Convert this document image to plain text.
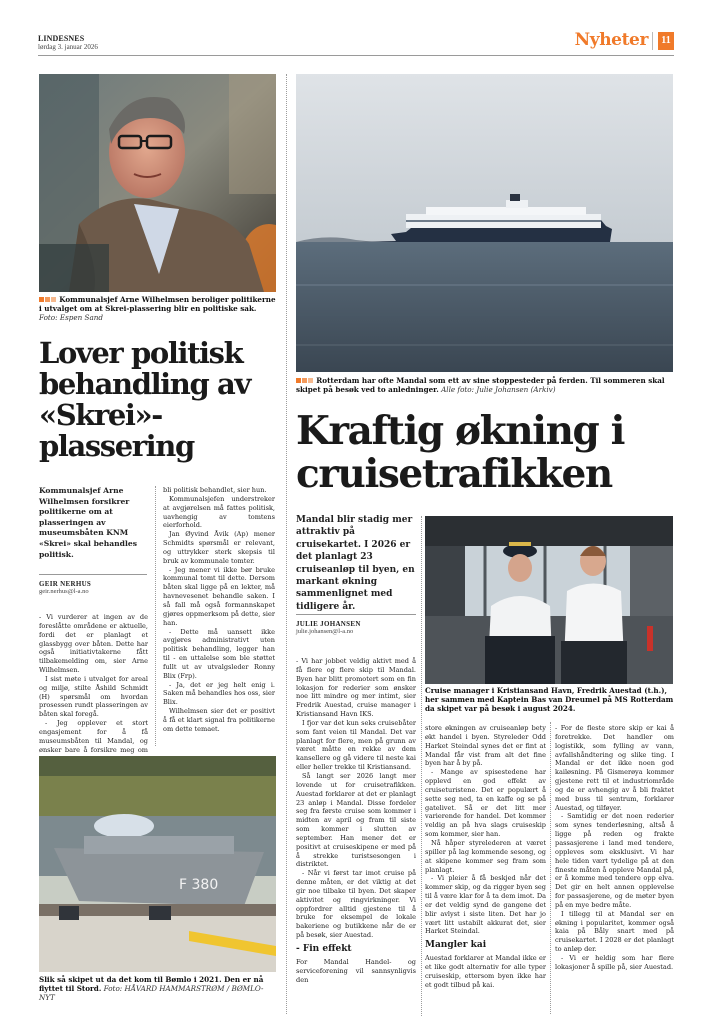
LINDESNES
lørdag 3. januar 2026	Nyheter	11
Kommunalsjef Arne Wilhelmsen beroliger politikerne i utvalget om at Skrei-plassering blir en politiske sak. Foto: Espen Sand
Lover politisk behandling av «Skrei»-plassering
Kommunalsjef Arne Wilhelmsen forsikrer politikerne om at plasseringen av museumsbåten KNM «Skrei» skal behandles politisk.
GEIR NERHUS
geir.nerhus@l-a.no

- Vi vurderer at ingen av de foreslåtte områdene er aktuelle, fordi det er planlagt et glassbygg over båten. Dette har også initiativtakerne fått tilbakemelding om, sier Arne Wilhelmsen.

I sist møte i utvalget for areal og miljø, stilte Åshild Schmidt (H) spørsmål om hvordan prosessen rundt plasseringen av båten skal foregå.

- Jeg opplever et stort engasjement for å få museumsbåten til Mandal, og ønsker bare å forsikre meg om

bli politisk behandlet, sier hun.

Kommunalsjefen understreker at avgjørelsen må fattes politisk, uavhengig av tomtens eierforhold.

Jan Øyvind Åvik (Ap) mener Schmidts spørsmål er relevant, og uttrykker sterk skepsis til bruk av kommunale tomter.

- Jeg mener vi ikke bør bruke kommunal tomt til dette. Dersom båten skal ligge på en lekter, må havnevesenet behandle saken. I så fall må også formannskapet gjøres oppmerksom på dette, sier han.

- Dette må uansett ikke avgjøres administrativt uten politisk behandling, legger han til - en uttalelse som ble støttet fullt ut av utvalgsleder Ronny Blix (Frp).

- Ja, det er jeg helt enig i. Saken må behandles hos oss, sier Blix.

Wilhelmsen sier det er positivt å få et klart signal fra politikerne om dette temaet.

F 380
Slik så skipet ut da det kom til Bømlo i 2021. Den er nå flyttet til Stord. Foto: HÅVARD HAMMARSTRØM / BØMLO-NYT
Rotterdam har ofte Mandal som ett av sine stoppesteder på ferden. Til sommeren skal skipet på besøk ved to anledninger. Alle foto: Julie Johansen (Arkiv)
Kraftig økning i cruisetrafikken
Mandal blir stadig mer attraktiv på cruisekartet. I 2026 er det planlagt 23 cruiseanløp til byen, en markant økning sammenlignet med tidligere år.
JULIE JOHANSEN
julie.johansen@l-a.no
Cruise manager i Kristiansand Havn, Fredrik Auestad (t.h.), her sammen med Kaptein Bas van Dreumel på MS Rotterdam da skipet var på besøk i august 2024.

- Vi har jobbet veldig aktivt med å få flere og flere skip til Mandal. Byen har blitt promotert som en fin lokasjon for rederier som ønsker noe litt mindre og mer intimt, sier Fredrik Auestad, cruise manager i Kristiansand Havn IKS.

I fjor var det kun seks cruisebåter som fant veien til Mandal. Det var planlagt for flere, men på grunn av været måtte en rekke av dem kansellere og gå videre til neste kai eller heller trekke til Kristiansand.

Så langt ser 2026 langt mer lovende ut for cruisetrafikken. Auestad forklarer at det er planlagt 23 anløp i Mandal. Disse fordeler seg fra første cruise som kommer i midten av april og fram til siste som kommer i slutten av september. Han mener det er positivt at cruiseskipene er med på å strekke turistsesongen i distriktet.

- Når vi først tar imot cruise på denne måten, er det viktig at det gir noe tilbake til byen. Det skaper aktivitet og ringvirkninger. Vi oppfordrer alltid gjestene til å bruke for eksempel de lokale bakeriene og butikkene når de er på besøk, sier Auestad.

- Fin effekt

For Mandal Handel- og serviceforening vil sannsynligvis den

store økningen av cruiseanløp bety økt handel i byen. Styreleder Odd Harket Steindal synes det er fint at Mandal får vist fram alt det fine byen har å by på.

- Mange av spisestedene har opplevd en god effekt av cruiseturistene. Det er populært å sette seg ned, ta en kaffe og se på gatelivet. Så er det litt mer varierende for handel. Det kommer veldig an på hva slags cruiseskip som kommer, sier han.

Nå håper styrelederen at været spiller på lag kommende sesong, og at skipene kommer seg fram som planlagt.

- Vi pleier å få beskjed når det kommer skip, og da rigger byen seg til å være klar for å ta dem imot. Da er det veldig synd de gangene det blir avlyst i siste liten. Det har jo vært litt ustabilt akkurat det, sier Harket Steindal.

Mangler kai

Auestad forklarer at Mandal ikke er et like godt alternativ for alle typer cruiseskip, ettersom byen ikke har et godt tilbud på kai.

- For de fleste store skip er kai å foretrekke. Det handler om logistikk, som fylling av vann, avfallshåndtering og slike ting. I Mandal er det ikke noen god kailøsning. På Gismerøya kommer gjestene rett til et industriområde og de er avhengig av å bli fraktet med buss til sentrum, forklarer Auestad, og tilføyer.

- Samtidig er det noen rederier som synes tenderløsning, altså å ligge på reden og frakte passasjerene i land med tendere, oppleves som eksklusivt. Vi har hele tiden vært tydelige på at den fineste måten å oppleve Mandal på, er å komme med tendere opp elva. Det gir en helt annen opplevelse for passasjerene, og de møter byen på en mye bedre måte.

I tillegg til at Mandal ser en økning i popularitet, kommer også kaia på Båly snart med på cruisekartet. I 2028 er det planlagt to anløp der.

- Vi er heldig som har flere lokasjoner å spille på, sier Auestad.
